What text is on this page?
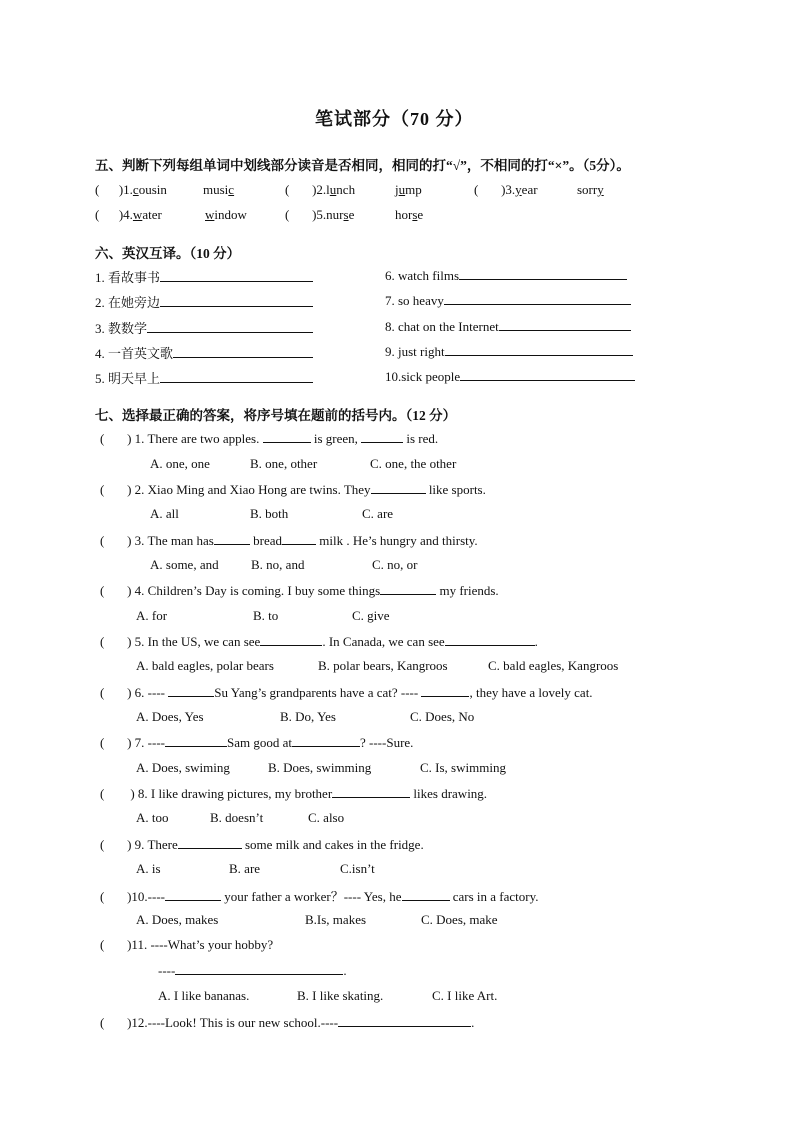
笔试部分（70 分）
五、判断下列每组单词中划线部分读音是否相同，相同的打“√”，不相同的打“×”。（5分）。
(      )1.cousin	music	(       )2.lunch	jump	(       )3.year	sorry
(      )4.water	window	(       )5.nurse	horse
六、英汉互译。（10 分）
1. 看故事书
2. 在她旁边
3. 教数学
4. 一首英文歌
5. 明天早上
6. watch films
7. so heavy
8. chat on the Internet
9. just right
10.sick people
七、选择最正确的答案，将序号填在题前的括号内。（12 分）
(       ) 1. There are two apples.	is green,	is red.
A. one, one	B. one, other	C. one, the other
(       ) 2. Xiao Ming and Xiao Hong are twins. They	like sports.
A. all	B. both	C. are
(       ) 3. The man has	bread	milk . He’s hungry and thirsty.
A. some, and B. no, and	C. no, or
(       ) 4. Children’s Day is coming. I buy some things	my friends.
A. for	B. to	C. give
(       ) 5. In the US, we can see	. In Canada, we can see	.
A. bald eagles, polar bears	B. polar bears, Kangroos	C. bald eagles, Kangroos
(       ) 6. ----	Su Yang’s grandparents have a cat? ----	, they have a lovely cat.
A. Does, Yes	B. Do, Yes	C. Does, No
(       ) 7. ----	Sam good at	? ----Sure.
A. Does, swiming	B. Does, swimming	C. Is, swimming
(        ) 8. I like drawing pictures, my brother	likes drawing.
A. too	B. doesn’t	C. also
(       ) 9. There	some milk and cakes in the fridge.
A. is	B. are	C.isn’t
(       )10.----	your father a worker？---- Yes, he	cars in a factory.
A. Does, makes	B.Is, makes	C. Does, make
(       )11. ----What’s your hobby?
----	.
A. I like bananas.	B. I like skating.	C. I like Art.
(       )12.----Look! This is our new school.----	.
